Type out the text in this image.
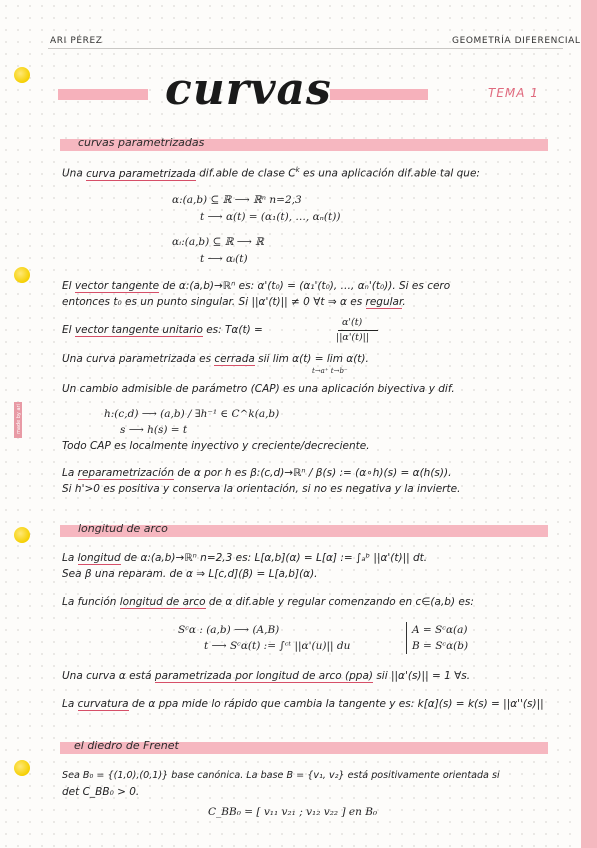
made by ari
ARI PÉREZ	GEOMETRÍA DIFERENCIAL
curvas	TEMA 1
curvas parametrizadas
Una curva parametrizada dif.able de clase $C^k$ es una aplicación dif.able tal que:
α:(a,b) ⊆ ℝ ⟶ ℝⁿ n=2,3
t ⟶ α(t) = (α₁(t), …, αₙ(t))
αᵢ:(a,b) ⊆ ℝ ⟶ ℝ
t ⟶ αᵢ(t)
El vector tangente de α:(a,b)→ℝⁿ es: α'(t₀) = (α₁'(t₀), …, αₙ'(t₀)). Si es cero
entonces t₀ es un punto singular. Si ||α'(t)|| ≠ 0 ∀t ⇒ α es regular.
El vector tangente unitario es: Tα(t) =
α'(t)
||α'(t)||
Una curva parametrizada es cerrada sii lim α(t) = lim α(t).
t→a⁺ t→b⁻
Un cambio admisible de parámetro (CAP) es una aplicación biyectiva y dif.
h:(c,d) ⟶ (a,b) / ∃h⁻¹ ∈ C^k(a,b)
s ⟶ h(s) = t
Todo CAP es localmente inyectivo y creciente/decreciente.
La reparametrización de α por h es β:(c,d)→ℝⁿ / β(s) := (α∘h)(s) = α(h(s)).
Si h'>0 es positiva y conserva la orientación, si no es negativa y la invierte.
longitud de arco
La longitud de α:(a,b)→ℝⁿ n=2,3 es: L[α,b](α) = L[α] := ∫ₐᵇ ||α'(t)|| dt.
Sea β una reparam. de α ⇒ L[c,d](β) = L[a,b](α).
La función longitud de arco de α dif.able y regular comenzando en c∈(a,b) es:
Sᶜα : (a,b) ⟶ (A,B)
t ⟶ Sᶜα(t) := ∫ᶜᵗ ||α'(u)|| du
A = Sᶜα(a)
B = Sᶜα(b)
Una curva α está parametrizada por longitud de arco (ppa) sii ||α'(s)|| = 1 ∀s.
La curvatura de α ppa mide lo rápido que cambia la tangente y es: k[α](s) = k(s) = ||α''(s)||
el diedro de Frenet
Sea B₀ = {(1,0),(0,1)} base canónica. La base B = {v₁, v₂} está positivamente orientada si
det C_BB₀ > 0.
C_BB₀ = [ v₁₁ v₂₁ ; v₁₂ v₂₂ ] en B₀
